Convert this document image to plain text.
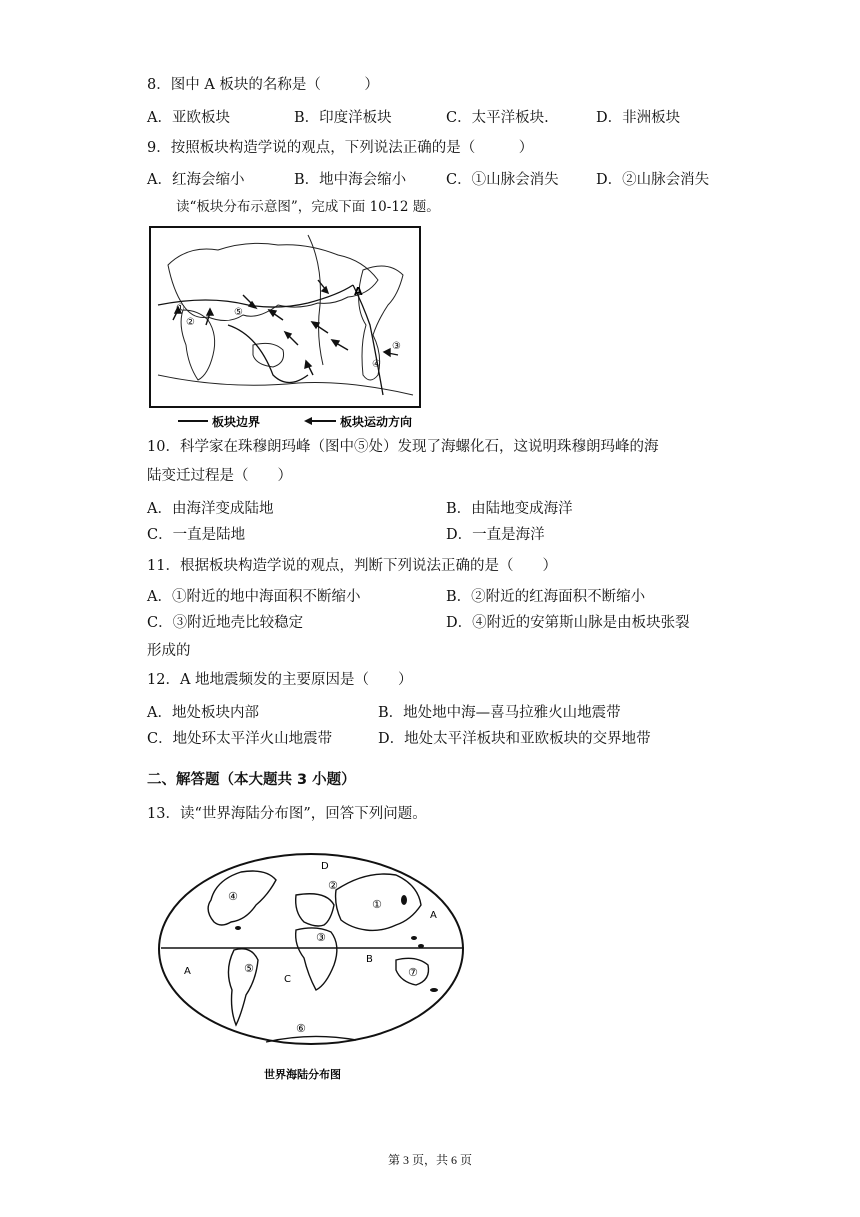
8．图中 A 板块的名称是（　　　）
A．亚欧板块	B．印度洋板块	C．太平洋板块.	D．非洲板块
9．按照板块构造学说的观点，下列说法正确的是（　　　）
A．红海会缩小	B．地中海会缩小	C．①山脉会消失	D．②山脉会消失
读“板块分布示意图”，完成下面 10-12 题。
①
②
③
④
⑤
A
板块边界	板块运动方向
10．科学家在珠穆朗玛峰（图中⑤处）发现了海螺化石，这说明珠穆朗玛峰的海
陆变迁过程是（　　）
A．由海洋变成陆地	B．由陆地变成海洋
C．一直是陆地	D．一直是海洋
11．根据板块构造学说的观点，判断下列说法正确的是（　　）
A．①附近的地中海面积不断缩小	B．②附近的红海面积不断缩小
C．③附近地壳比较稳定	D．④附近的安第斯山脉是由板块张裂
形成的
12．A 地地震频发的主要原因是（　　）
A．地处板块内部	B．地处地中海—喜马拉雅火山地震带
C．地处环太平洋火山地震带	D．地处太平洋板块和亚欧板块的交界地带
二、解答题（本大题共 3 小题）
13．读“世界海陆分布图”，回答下列问题。
④
②
①
③
⑤
⑥
⑦
A
A
B
C
D
世界海陆分布图
第 3 页，共 6 页
